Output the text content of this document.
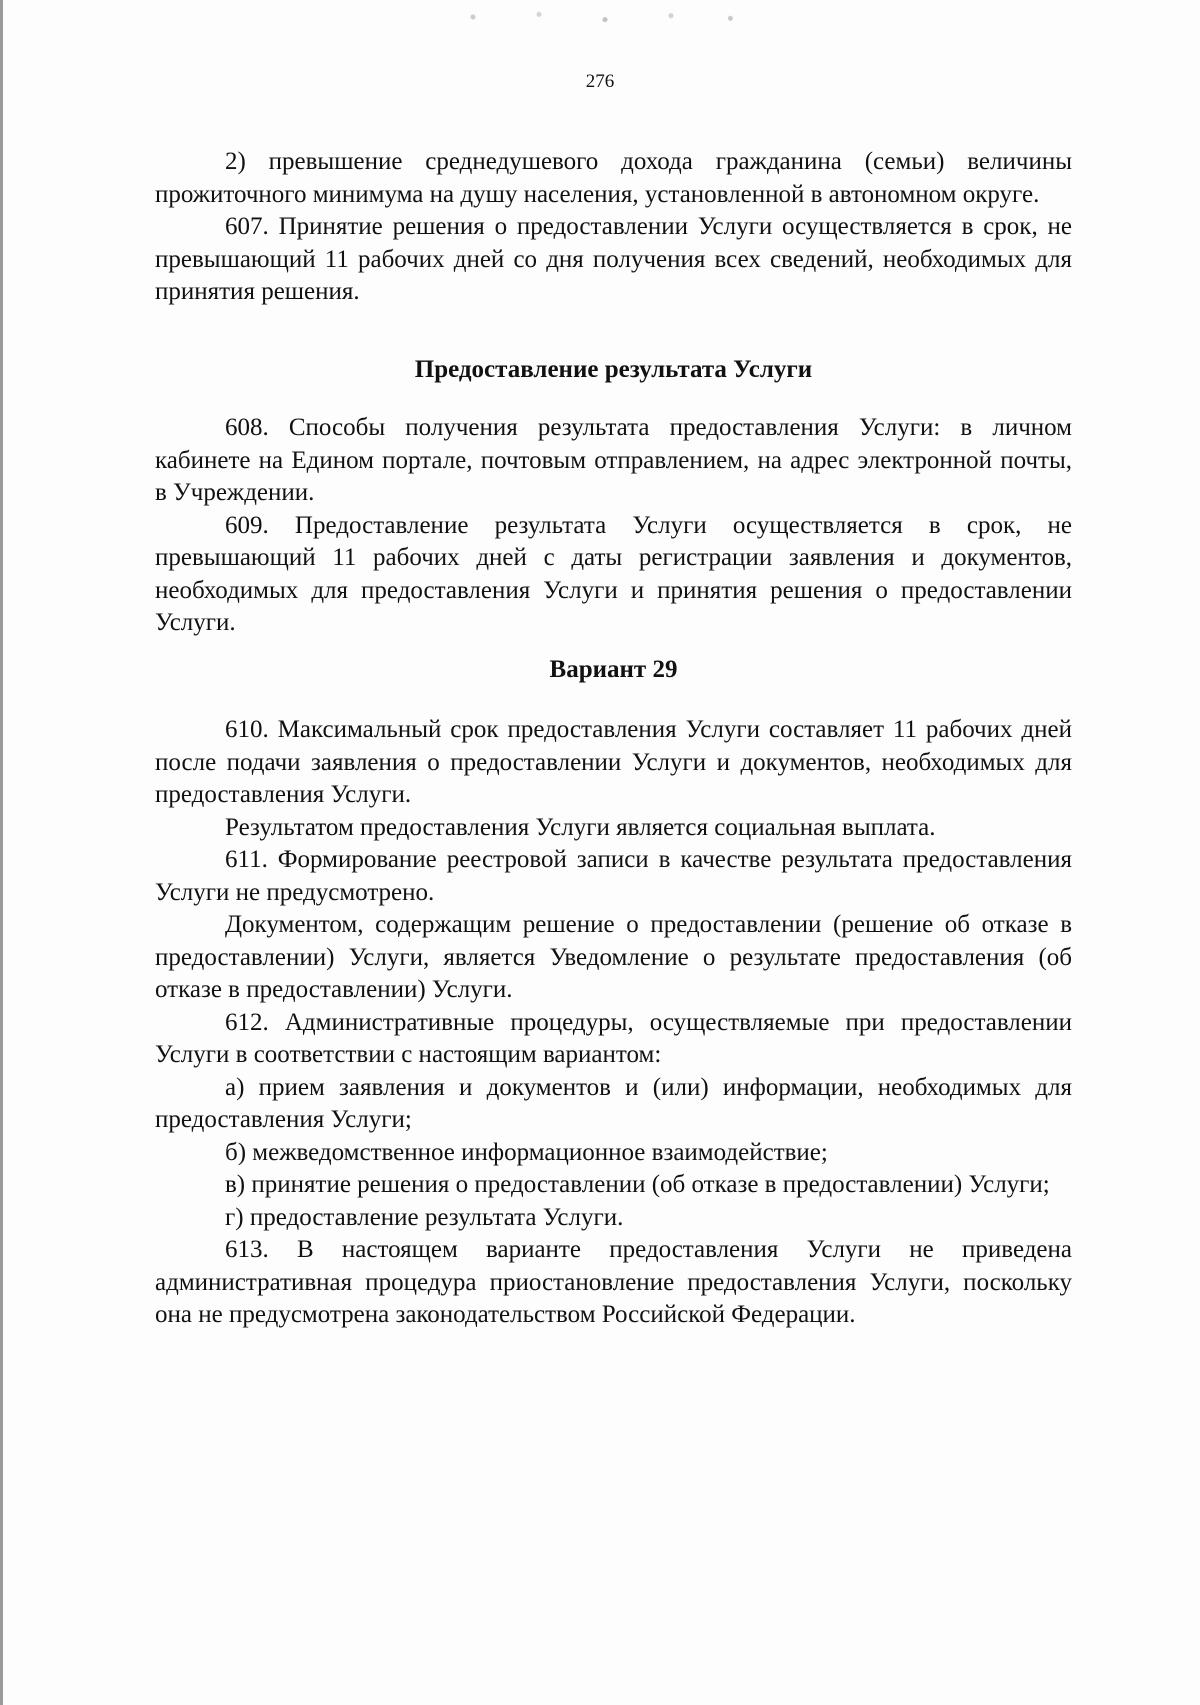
276

2) превышение среднедушевого дохода гражданина (семьи) величины прожиточного минимума на душу населения, установленной в автономном округе.

607. Принятие решения о предоставлении Услуги осуществляется в срок, не превышающий 11 рабочих дней со дня получения всех сведений, необходимых для принятия решения.

Предоставление результата Услуги

608. Способы получения результата предоставления Услуги: в личном кабинете на Едином портале, почтовым отправлением, на адрес электронной почты, в Учреждении.

609. Предоставление результата Услуги осуществляется в срок, не превышающий 11 рабочих дней с даты регистрации заявления и документов, необходимых для предоставления Услуги и принятия решения о предоставлении Услуги.

Вариант 29

610. Максимальный срок предоставления Услуги составляет 11 рабочих дней после подачи заявления о предоставлении Услуги и документов, необходимых для предоставления Услуги.

Результатом предоставления Услуги является социальная выплата.

611. Формирование реестровой записи в качестве результата предоставления Услуги не предусмотрено.

Документом, содержащим решение о предоставлении (решение об отказе в предоставлении) Услуги, является Уведомление о результате предоставления (об отказе в предоставлении) Услуги.

612. Административные процедуры, осуществляемые при предоставлении Услуги в соответствии с настоящим вариантом:

а) прием заявления и документов и (или) информации, необходимых для предоставления Услуги;

б) межведомственное информационное взаимодействие;

в) принятие решения о предоставлении (об отказе в предоставлении) Услуги;

г) предоставление результата Услуги.

613. В настоящем варианте предоставления Услуги не приведена административная процедура приостановление предоставления Услуги, поскольку она не предусмотрена законодательством Российской Федерации.
